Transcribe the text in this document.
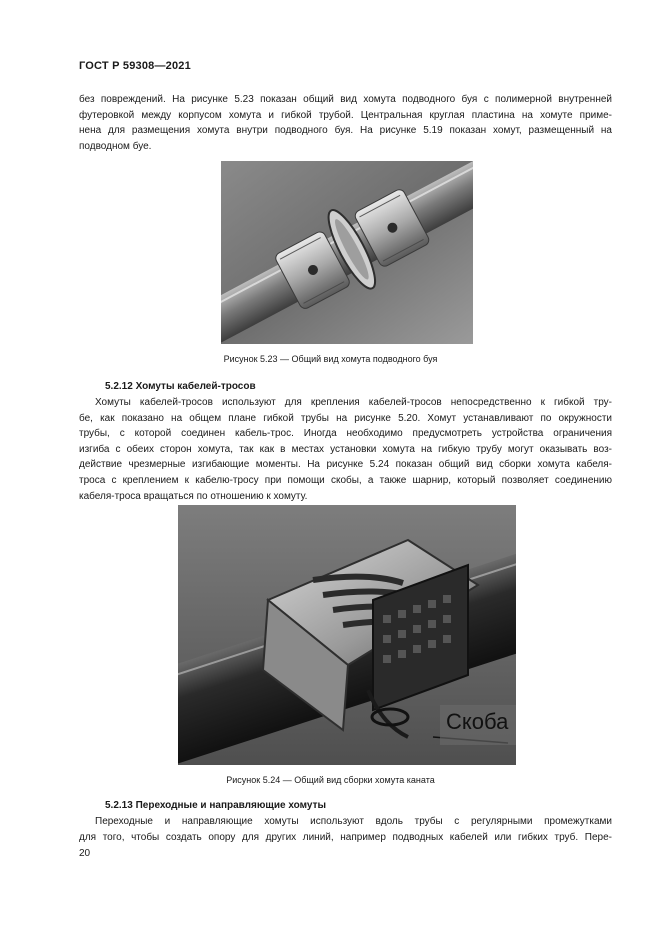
ГОСТ Р 59308—2021
без повреждений. На рисунке 5.23 показан общий вид хомута подводного буя с полимерной внутренней
футеровкой между корпусом хомута и гибкой трубой. Центральная круглая пластина на хомуте приме-
нена для размещения хомута внутри подводного буя. На рисунке 5.19 показан хомут, размещенный на
подводном буе.
Рисунок 5.23 — Общий вид хомута подводного буя
5.2.12 Хомуты кабелей-тросов
Хомуты кабелей-тросов используют для крепления кабелей-тросов непосредственно к гибкой тру-
бе, как показано на общем плане гибкой трубы на рисунке 5.20. Хомут устанавливают по окружности
трубы, с которой соединен кабель-трос. Иногда необходимо предусмотреть устройства ограничения
изгиба с обеих сторон хомута, так как в местах установки хомута на гибкую трубу могут оказывать воз-
действие чрезмерные изгибающие моменты. На рисунке 5.24 показан общий вид сборки хомута кабеля-
троса с креплением к кабелю-тросу при помощи скобы, а также шарнир, который позволяет соединению
кабеля-троса вращаться по отношению к хомуту.
Скоба
Рисунок 5.24 — Общий вид сборки хомута каната
5.2.13 Переходные и направляющие хомуты
Переходные и направляющие хомуты используют вдоль трубы с регулярными промежутками
для того, чтобы создать опору для других линий, например подводных кабелей или гибких труб. Пере-
20
